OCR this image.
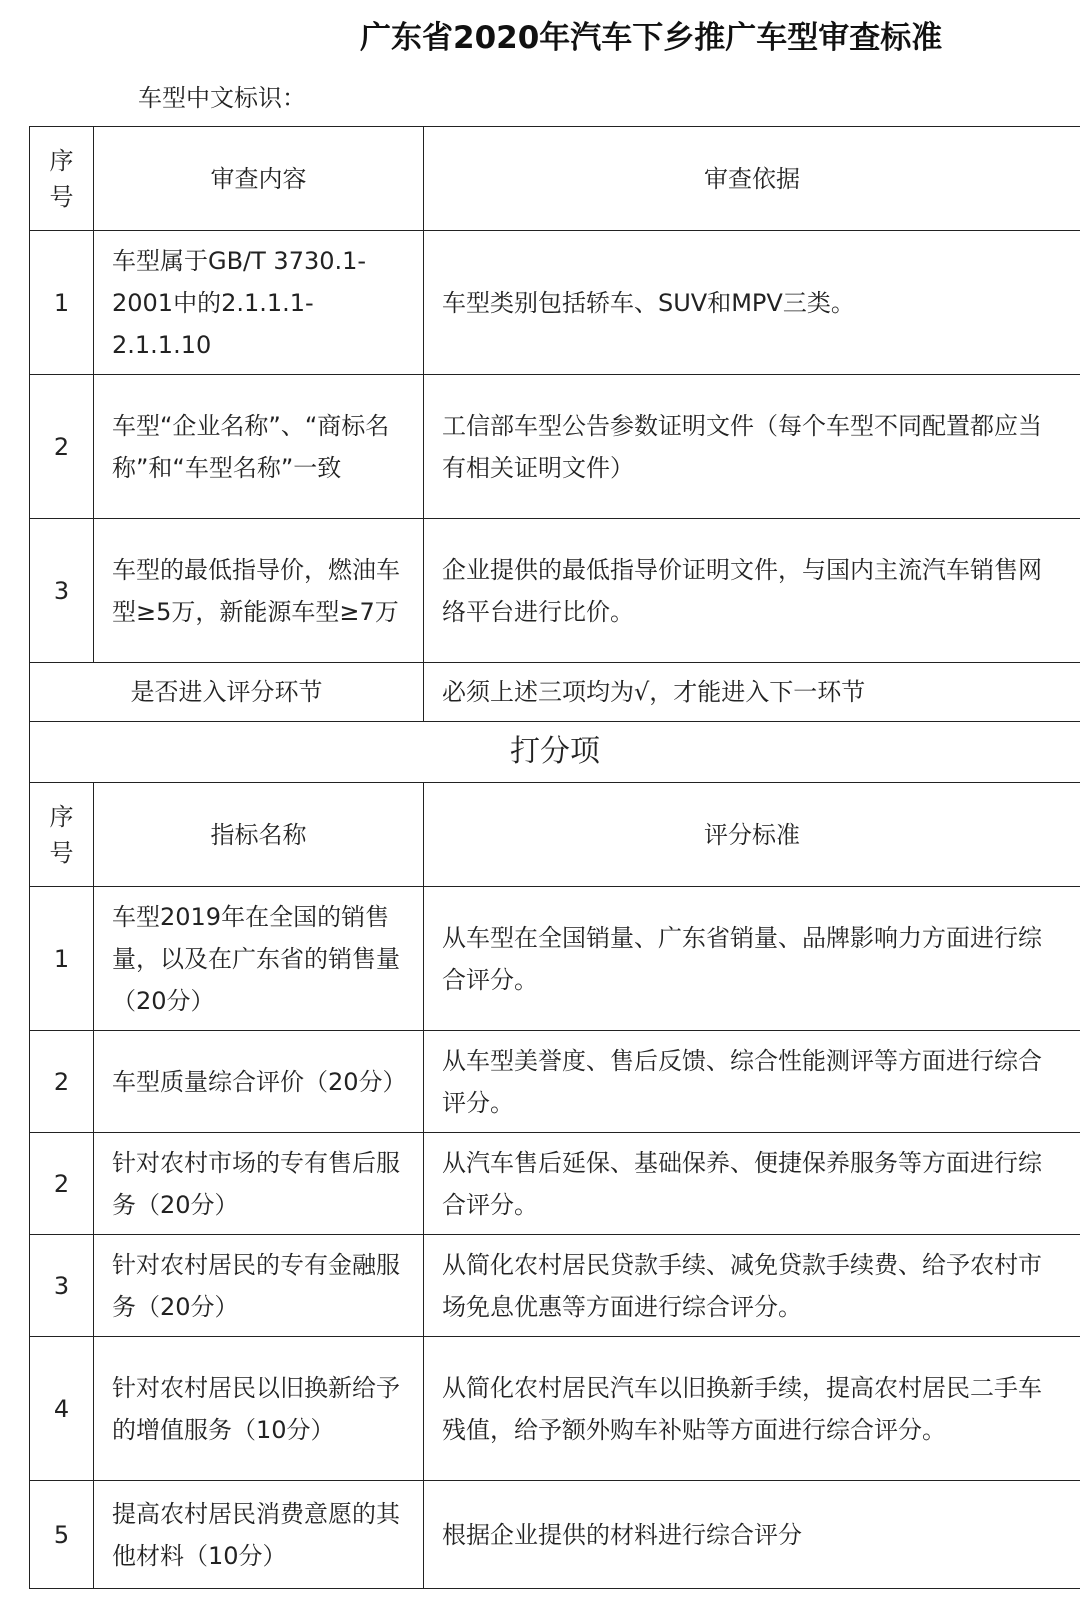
广东省2020年汽车下乡推广车型审查标准
车型中文标识：
序
号	审查内容	审查依据
1	车型属于GB/T 3730.1-2001中的2.1.1.1-2.1.1.10	车型类别包括轿车、SUV和MPV三类。
2	车型“企业名称”、“商标名称”和“车型名称”一致	工信部车型公告参数证明文件（每个车型不同配置都应当有相关证明文件）
3	车型的最低指导价，燃油车型≥5万，新能源车型≥7万	企业提供的最低指导价证明文件，与国内主流汽车销售网络平台进行比价。
是否进入评分环节		必须上述三项均为√，才能进入下一环节
打分项		

序
号	指标名称	评分标准
1	车型2019年在全国的销售量，以及在广东省的销售量（20分）	从车型在全国销量、广东省销量、品牌影响力方面进行综合评分。
2	车型质量综合评价（20分）	从车型美誉度、售后反馈、综合性能测评等方面进行综合评分。
2	针对农村市场的专有售后服务（20分）	从汽车售后延保、基础保养、便捷保养服务等方面进行综合评分。
3	针对农村居民的专有金融服务（20分）	从简化农村居民贷款手续、减免贷款手续费、给予农村市场免息优惠等方面进行综合评分。
4	针对农村居民以旧换新给予的增值服务（10分）	从简化农村居民汽车以旧换新手续，提高农村居民二手车残值，给予额外购车补贴等方面进行综合评分。
5	提高农村居民消费意愿的其他材料（10分）	根据企业提供的材料进行综合评分
